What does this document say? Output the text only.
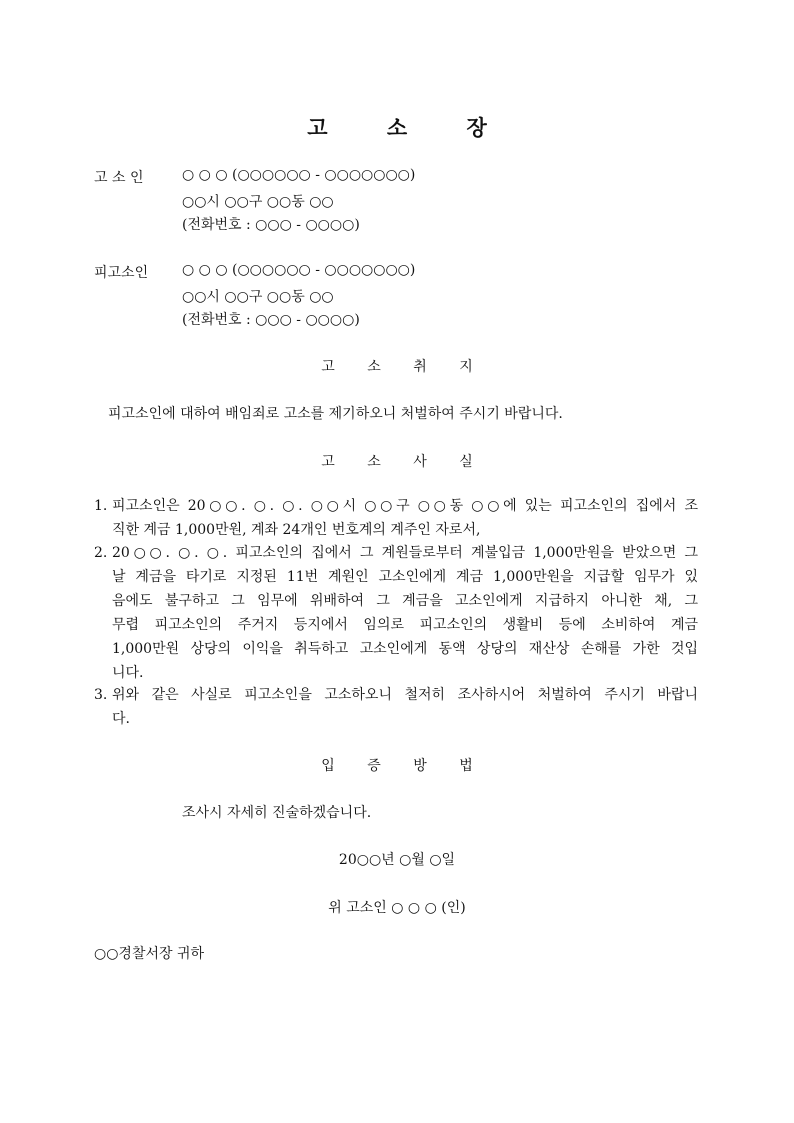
고 소 장
고 소 인	○ ○ ○ (○○○○○○ - ○○○○○○○)
○○시 ○○구 ○○동 ○○
(전화번호 : ○○○ - ○○○○)
피고소인 ○ ○ ○ (○○○○○○ - ○○○○○○○)
○○시 ○○구 ○○동 ○○
(전화번호 : ○○○ - ○○○○)
고 소 취 지
피고소인에 대하여 배임죄로 고소를 제기하오니 처벌하여 주시기 바랍니다.
고 소 사 실
1. 피고소인은 20○○. ○. ○. ○○시 ○○구 ○○동 ○○에 있는 피고소인의 집에서 조
직한 계금 1,000만원, 계좌 24개인 번호계의 계주인 자로서,
2. 20○○. ○. ○. 피고소인의 집에서 그 계원들로부터 계불입금 1,000만원을 받았으면 그
날 계금을 타기로 지정된 11번 계원인 고소인에게 계금 1,000만원을 지급할 임무가 있
음에도 불구하고 그 임무에 위배하여 그 계금을 고소인에게 지급하지 아니한 채, 그
무렵 피고소인의 주거지 등지에서 임의로 피고소인의 생활비 등에 소비하여 계금
1,000만원 상당의 이익을 취득하고 고소인에게 동액 상당의 재산상 손해를 가한 것입
니다.
3. 위와 같은 사실로 피고소인을 고소하오니 철저히 조사하시어 처벌하여 주시기 바랍니
다.
입 증 방 법
조사시 자세히 진술하겠습니다.
20○○년 ○월 ○일
위 고소인 ○ ○ ○ (인)
○○경찰서장 귀하
